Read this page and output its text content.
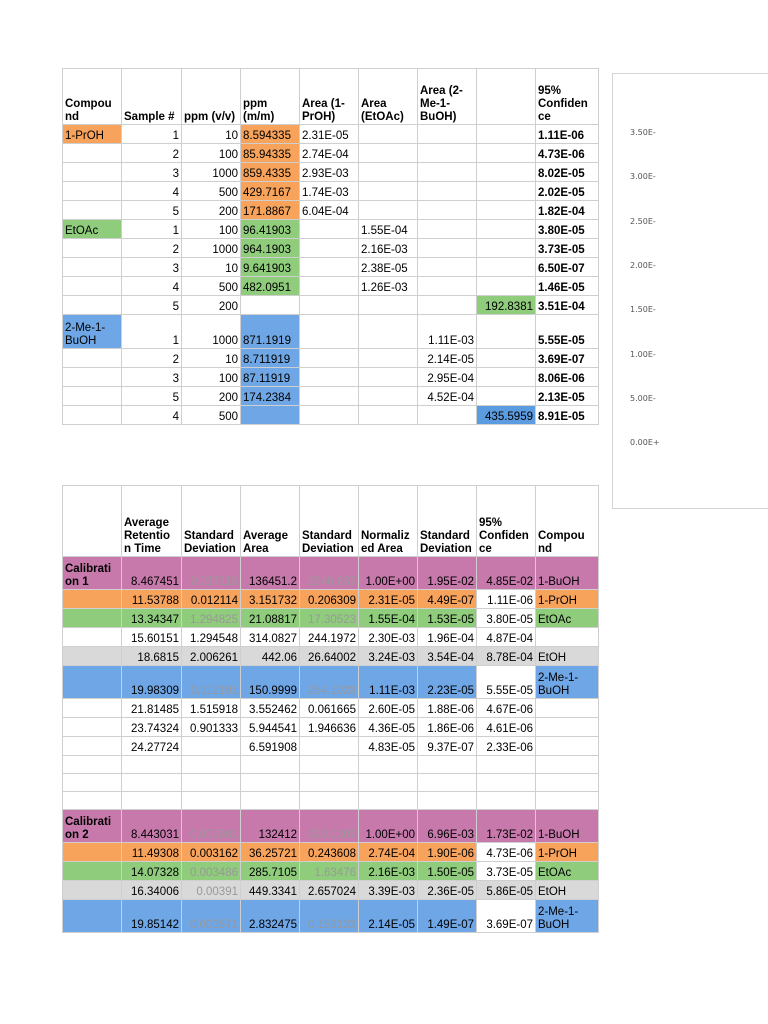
Compou nd	Sample #	ppm (v/v)	ppm (m/m)	Area (1-PrOH)	Area (EtOAc)	Area (2-Me-1-BuOH)		95% Confiden ce
1-PrOH	1	10	8.594335	2.31E-05				1.11E-06
	2	100	85.94335	2.74E-04				4.73E-06
	3	1000	859.4335	2.93E-03				8.02E-05
	4	500	429.7167	1.74E-03				2.02E-05
	5	200	171.8867	6.04E-04				1.82E-04
EtOAc	1	100	96.41903		1.55E-04			3.80E-05
	2	1000	964.1903		2.16E-03			3.73E-05
	3	10	9.641903		2.38E-05			6.50E-07
	4	500	482.0951		1.26E-03			1.46E-05
	5	200					192.8381	3.51E-04
2-Me-1-BuOH	1	1000	871.1919			1.11E-03		5.55E-05
	2	10	8.711919			2.14E-05		3.69E-07
	3	100	87.11919			2.95E-04		8.06E-06
	5	200	174.2384			4.52E-04		2.13E-05
	4	500					435.5959	8.91E-05
3.50E-
3.00E-
2.50E-
2.00E-
1.50E-
1.00E-
5.00E-
0.00E+
	Average Retentio n Time	Standard Deviation	Average Area	Standard Deviation	Normaliz ed Area	Standard Deviation	95% Confiden ce	Compou nd
Calibrati on 1	8.467451	0.017115	136451.2	2646.837	1.00E+00	1.95E-02	4.85E-02	1-BuOH
	11.53788	0.012114	3.151732	0.206309	2.31E-05	4.49E-07	1.11E-06	1-PrOH
	13.34347	1.294825	21.08817	17.30523	1.55E-04	1.53E-05	3.80E-05	EtOAc
	15.60151	1.294548	314.0827	244.1972	2.30E-03	1.96E-04	4.87E-04	
	18.6815	2.006261	442.06	26.64002	3.24E-03	3.54E-04	8.78E-04	EtOH
	19.98309	0.112191	150.9999	254.1028	1.11E-03	2.23E-05	5.55E-05	2-Me-1- BuOH
	21.81485	1.515918	3.552462	0.061665	2.60E-05	1.88E-06	4.67E-06	
	23.74324	0.901333	5.944541	1.946636	4.36E-05	1.86E-06	4.61E-06	
	24.27724		6.591908		4.83E-05	9.37E-07	2.33E-06	

Calibrati on 2	8.443031	0.003981	132412	920.1307	1.00E+00	6.96E-03	1.73E-02	1-BuOH
	11.49308	0.003162	36.25721	0.243608	2.74E-04	1.90E-06	4.73E-06	1-PrOH
	14.07328	0.003486	285.7105	1.63476	2.16E-03	1.50E-05	3.73E-05	EtOAc
	16.34006	0.00391	449.3341	2.657024	3.39E-03	2.36E-05	5.86E-05	EtOH
	19.85142	0.003571	2.832475	0.159122	2.14E-05	1.49E-07	3.69E-07	2-Me-1- BuOH
